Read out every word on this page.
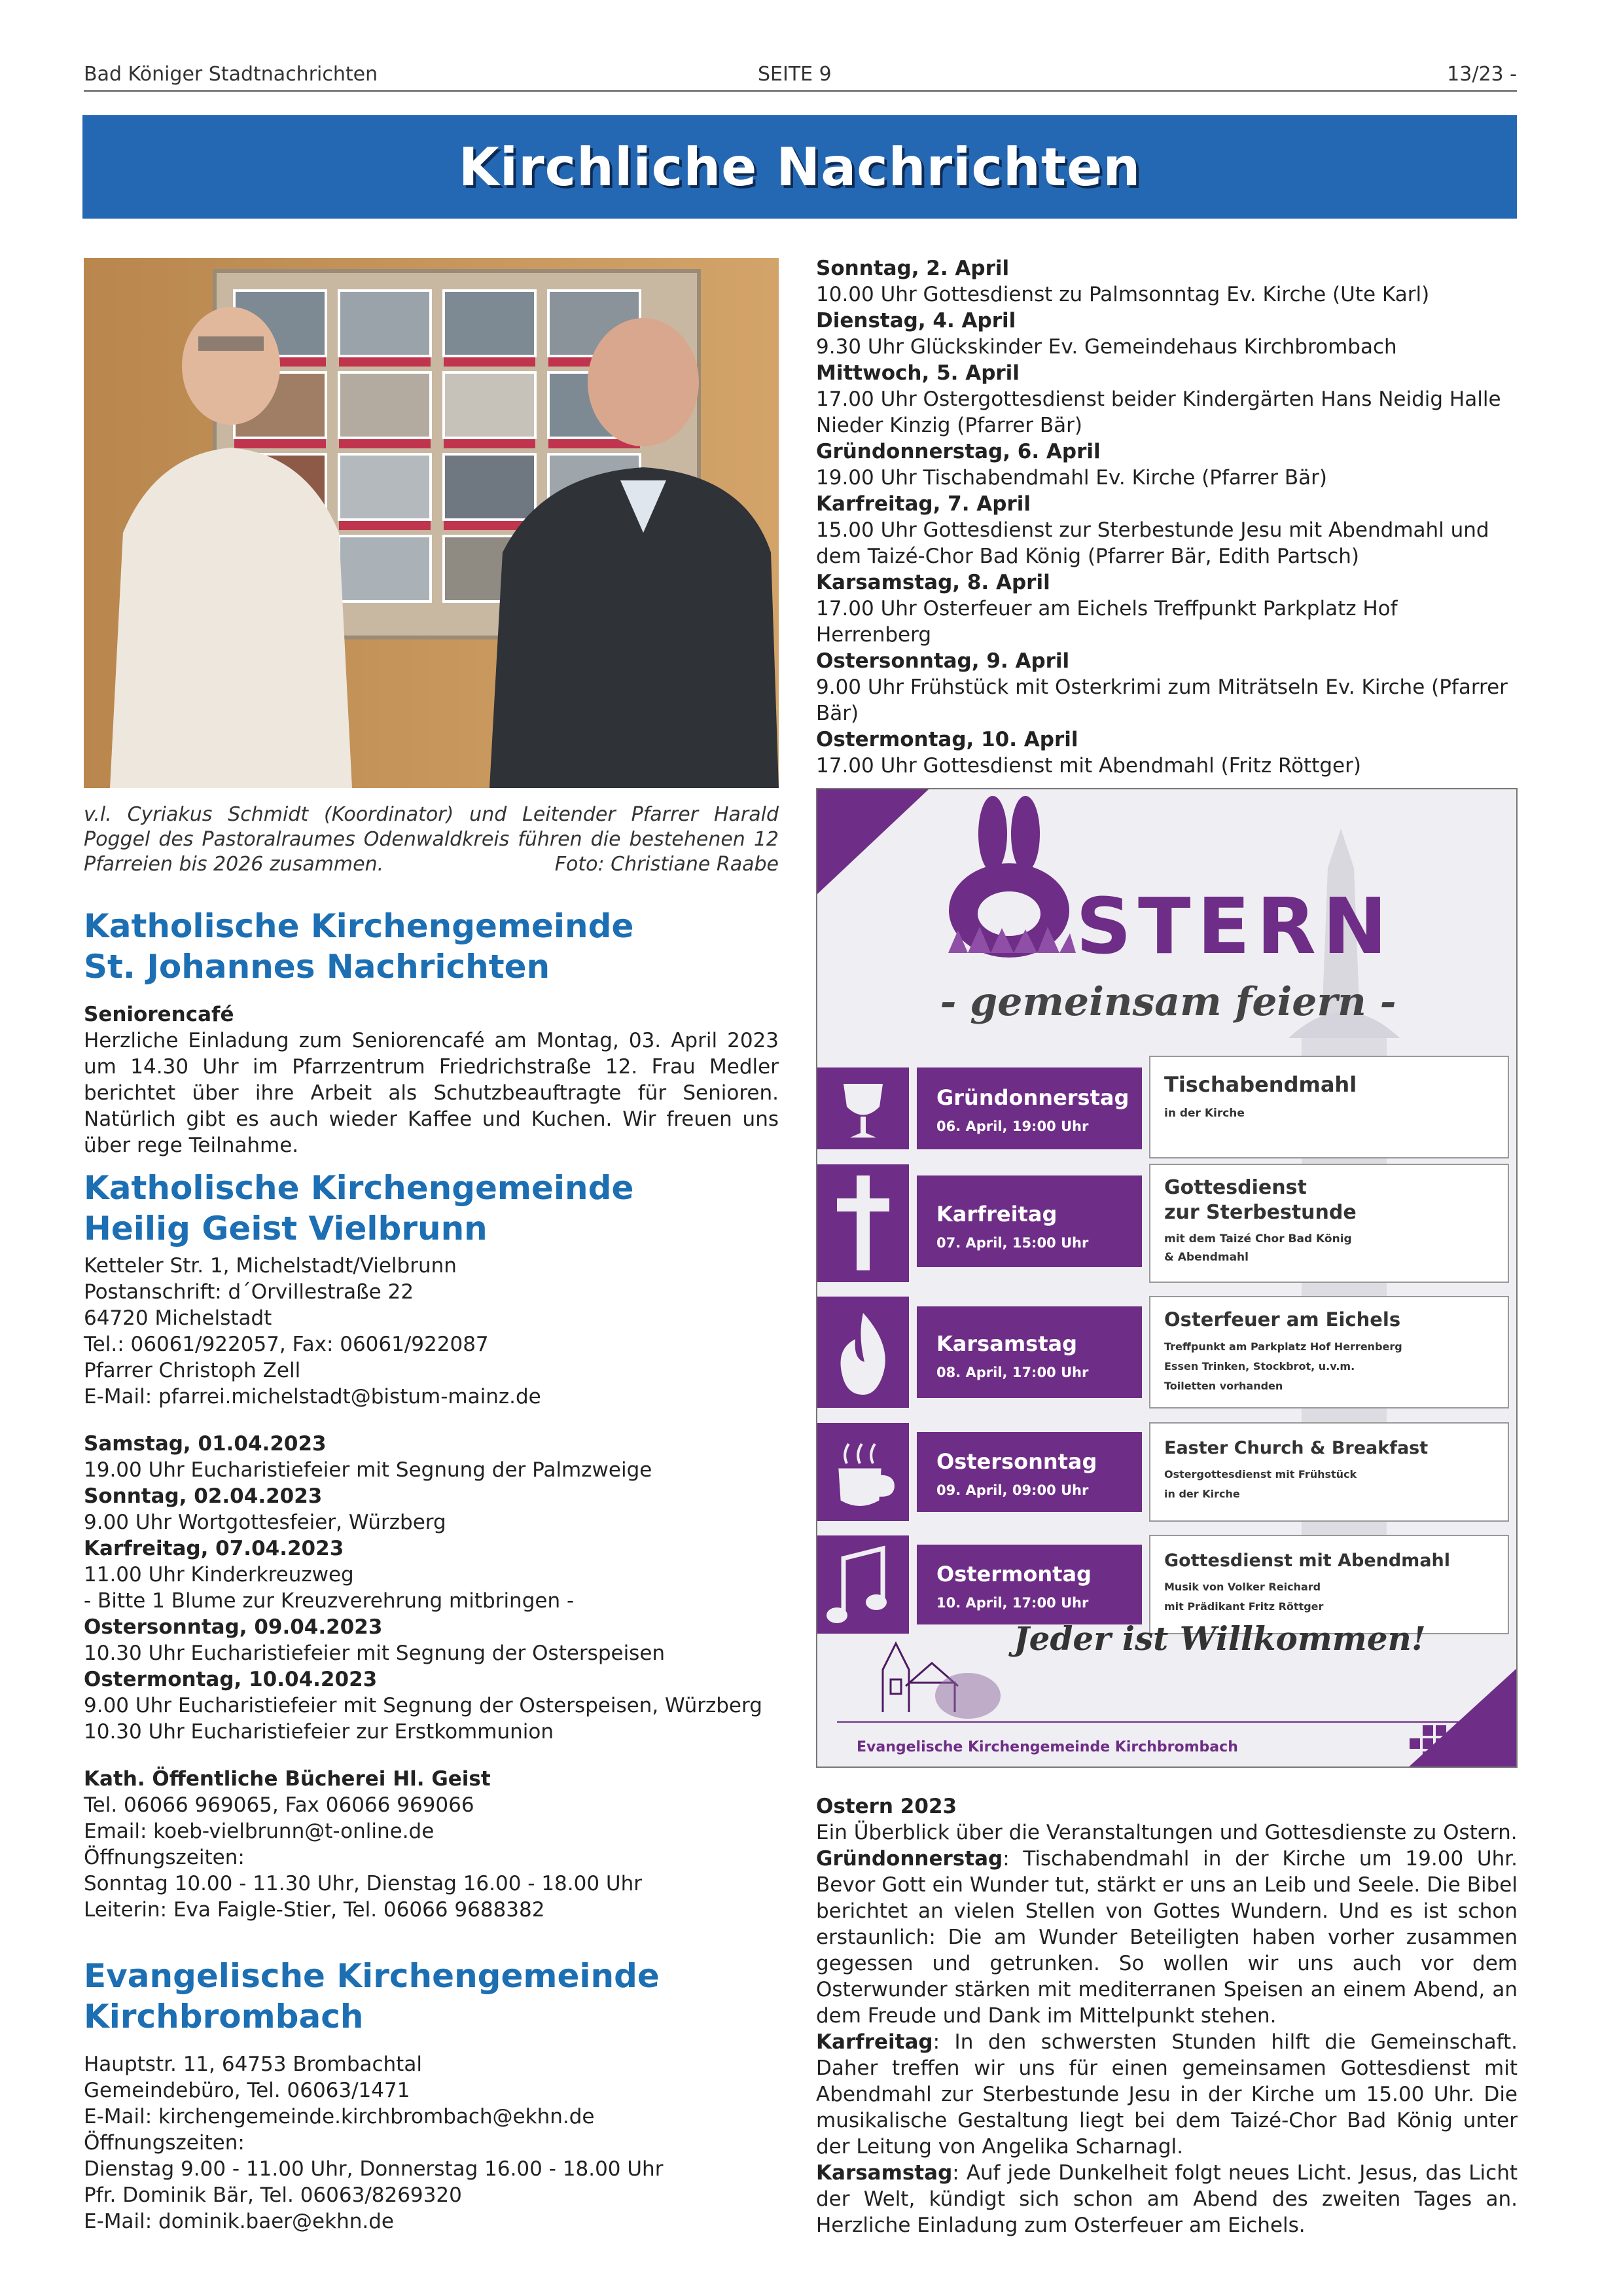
Bad Königer Stadtnachrichten	SEITE 9	13/23 -
Kirchliche Nachrichten
v.l. Cyriakus Schmidt (Koordinator) und Leitender Pfarrer Harald Poggel des Pastoralraumes Odenwaldkreis führen die bestehenen 12 Pfarreien bis 2026 zusammen.	Foto: Christiane Raabe
Katholische Kirchengemeinde
St. Johannes Nachrichten
Seniorencafé
Herzliche Einladung zum Seniorencafé am Montag, 03. April 2023 um 14.30 Uhr im Pfarrzentrum Friedrichstraße 12. Frau Medler berichtet über ihre Arbeit als Schutzbeauftragte für Senioren. Natürlich gibt es auch wieder Kaffee und Kuchen. Wir freuen uns über rege Teilnahme.
Katholische Kirchengemeinde
Heilig Geist Vielbrunn
Ketteler Str. 1, Michelstadt/Vielbrunn
Postanschrift: d´Orvillestraße 22
64720 Michelstadt
Tel.: 06061/922057, Fax: 06061/922087
Pfarrer Christoph Zell
E-Mail: pfarrei.michelstadt@bistum-mainz.de
Samstag, 01.04.2023
19.00 Uhr Eucharistiefeier mit Segnung der Palmzweige
Sonntag, 02.04.2023
9.00 Uhr Wortgottesfeier, Würzberg
Karfreitag, 07.04.2023
11.00 Uhr Kinderkreuzweg
- Bitte 1 Blume zur Kreuzverehrung mitbringen -
Ostersonntag, 09.04.2023
10.30 Uhr Eucharistiefeier mit Segnung der Osterspeisen
Ostermontag, 10.04.2023
9.00 Uhr Eucharistiefeier mit Segnung der Osterspeisen, Würzberg
10.30 Uhr Eucharistiefeier zur Erstkommunion
Kath. Öffentliche Bücherei Hl. Geist
Tel. 06066 969065, Fax 06066 969066
Email: koeb-vielbrunn@t-online.de
Öffnungszeiten:
Sonntag 10.00 - 11.30 Uhr, Dienstag 16.00 - 18.00 Uhr
Leiterin: Eva Faigle-Stier, Tel. 06066 9688382
Evangelische Kirchengemeinde
Kirchbrombach
Hauptstr. 11, 64753 Brombachtal
Gemeindebüro, Tel. 06063/1471
E-Mail: kirchengemeinde.kirchbrombach@ekhn.de
Öffnungszeiten:
Dienstag 9.00 - 11.00 Uhr, Donnerstag 16.00 - 18.00 Uhr
Pfr. Dominik Bär, Tel. 06063/8269320
E-Mail: dominik.baer@ekhn.de
Sonntag, 2. April
10.00 Uhr Gottesdienst zu Palmsonntag Ev. Kirche (Ute Karl)
Dienstag, 4. April
9.30 Uhr Glückskinder Ev. Gemeindehaus Kirchbrombach
Mittwoch, 5. April
17.00 Uhr Ostergottesdienst beider Kindergärten Hans Neidig Halle Nieder Kinzig (Pfarrer Bär)
Gründonnerstag, 6. April
19.00 Uhr Tischabendmahl Ev. Kirche (Pfarrer Bär)
Karfreitag, 7. April
15.00 Uhr Gottesdienst zur Sterbestunde Jesu mit Abendmahl und dem Taizé-Chor Bad König (Pfarrer Bär, Edith Partsch)
Karsamstag, 8. April
17.00 Uhr Osterfeuer am Eichels Treffpunkt Parkplatz Hof Herrenberg
Ostersonntag, 9. April
9.00 Uhr Frühstück mit Osterkrimi zum Miträtseln Ev. Kirche (Pfarrer Bär)
Ostermontag, 10. April
17.00 Uhr Gottesdienst mit Abendmahl (Fritz Röttger)
STERN
- gemeinsam feiern -
Gründonnerstag
06. April, 19:00 Uhr
Tischabendmahl
in der Kirche
Karfreitag
07. April, 15:00 Uhr
Gottesdienst
zur Sterbestunde
mit dem Taizé Chor Bad König
& Abendmahl
Karsamstag
08. April, 17:00 Uhr
Osterfeuer am Eichels
Treffpunkt am Parkplatz Hof Herrenberg
Essen Trinken, Stockbrot, u.v.m.
Toiletten vorhanden
Ostersonntag
09. April, 09:00 Uhr
Easter Church & Breakfast
Ostergottesdienst mit Frühstück
in der Kirche
Ostermontag
10. April, 17:00 Uhr
Gottesdienst mit Abendmahl
Musik von Volker Reichard
mit Prädikant Fritz Röttger
Jeder ist Willkommen!
Evangelische Kirchengemeinde Kirchbrombach
Ostern 2023
Ein Überblick über die Veranstaltungen und Gottesdienste zu Ostern.
Gründonnerstag: Tischabendmahl in der Kirche um 19.00 Uhr. Bevor Gott ein Wunder tut, stärkt er uns an Leib und Seele. Die Bibel berichtet an vielen Stellen von Gottes Wundern. Und es ist schon erstaunlich: Die am Wunder Beteiligten haben vorher zusammen gegessen und getrunken. So wollen wir uns auch vor dem Osterwunder stärken mit mediterranen Speisen an einem Abend, an dem Freude und Dank im Mittelpunkt stehen.
Karfreitag: In den schwersten Stunden hilft die Gemeinschaft. Daher treffen wir uns für einen gemeinsamen Gottesdienst mit Abendmahl zur Sterbestunde Jesu in der Kirche um 15.00 Uhr. Die musikalische Gestaltung liegt bei dem Taizé-Chor Bad König unter der Leitung von Angelika Scharnagl.
Karsamstag: Auf jede Dunkelheit folgt neues Licht. Jesus, das Licht der Welt, kündigt sich schon am Abend des zweiten Tages an. Herzliche Einladung zum Osterfeuer am Eichels.
